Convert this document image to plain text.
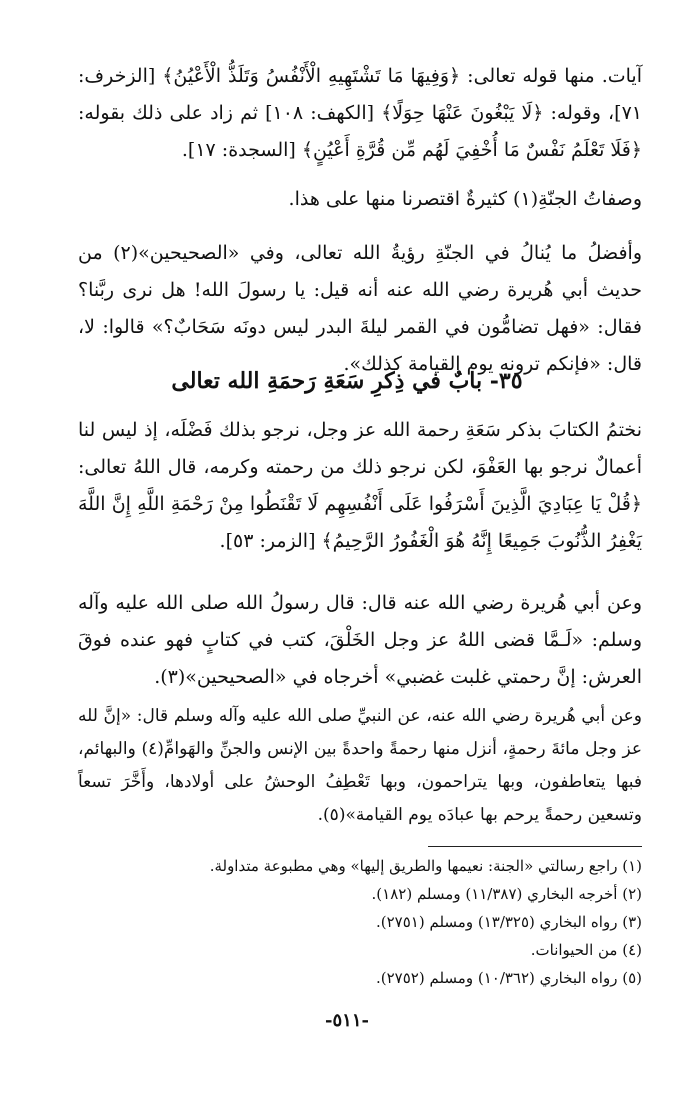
آيات. منها قوله تعالى: ﴿وَفِيهَا مَا تَشْتَهِيهِ الْأَنْفُسُ وَتَلَذُّ الْأَعْيُنُ﴾ [الزخرف: ٧١]، وقوله: ﴿لَا يَبْغُونَ عَنْهَا حِوَلًا﴾ [الكهف: ١٠٨] ثم زاد على ذلك بقوله: ﴿فَلَا تَعْلَمُ نَفْسٌ مَا أُخْفِيَ لَهُم مِّن قُرَّةِ أَعْيُنٍ﴾ [السجدة: ١٧].

وصفاتُ الجنّةِ(١) كثيرةٌ اقتصرنا منها على هذا.

وأفضلُ ما يُنالُ في الجنّةِ رؤيةُ الله تعالى، وفي «الصحيحين»(٢) من حديث أبي هُريرة رضي الله عنه أنه قيل: يا رسولَ الله! هل نرى ربَّنا؟ فقال: «فهل تضامُّون في القمر ليلةَ البدر ليس دونَه سَحَابٌ؟» قالوا: لا، قال: «فإنكم ترونه يوم القيامة كذلك».

٣٥- بابٌ في ذِكرِ سَعَةِ رَحمَةِ الله تعالى

نختمُ الكتابَ بذكر سَعَةِ رحمة الله عز وجل، نرجو بذلك فَضْلَه، إذ ليس لنا أعمالٌ نرجو بها العَفْوَ، لكن نرجو ذلك من رحمته وكرمه، قال اللهُ تعالى: ﴿قُلْ يَا عِبَادِيَ الَّذِينَ أَسْرَفُوا عَلَى أَنْفُسِهِم لَا تَقْنَطُوا مِنْ رَحْمَةِ اللَّهِ إِنَّ اللَّهَ يَغْفِرُ الذُّنُوبَ جَمِيعًا إِنَّهُ هُوَ الْغَفُورُ الرَّحِيمُ﴾ [الزمر: ٥٣].

وعن أبي هُريرة رضي الله عنه قال: قال رسولُ الله صلى الله عليه وآله وسلم: «لَـمَّا قضى اللهُ عز وجل الخَلْقَ، كتب في كتابٍ فهو عنده فوقَ العرش: إنَّ رحمتي غلبت غضبي» أخرجاه في «الصحيحين»(٣).

وعن أبي هُريرة رضي الله عنه، عن النبيِّ صلى الله عليه وآله وسلم قال: «إنَّ لله عز وجل مائةَ رحمةٍ، أنزل منها رحمةً واحدةً بين الإنس والجنِّ والهَوامِّ(٤) والبهائم، فبها يتعاطفون، وبها يتراحمون، وبها تَعْطِفُ الوحشُ على أولادها، وأَخَّرَ تسعاً وتسعين رحمةً يرحم بها عبادَه يوم القيامة»(٥).

(١) راجع رسالتي «الجنة: نعيمها والطريق إليها» وهي مطبوعة متداولة.
(٢) أخرجه البخاري (١١/٣٨٧) ومسلم (١٨٢).
(٣) رواه البخاري (١٣/٣٢٥) ومسلم (٢٧٥١).
(٤) من الحيوانات.
(٥) رواه البخاري (١٠/٣٦٢) ومسلم (٢٧٥٢).
-٥١١-
